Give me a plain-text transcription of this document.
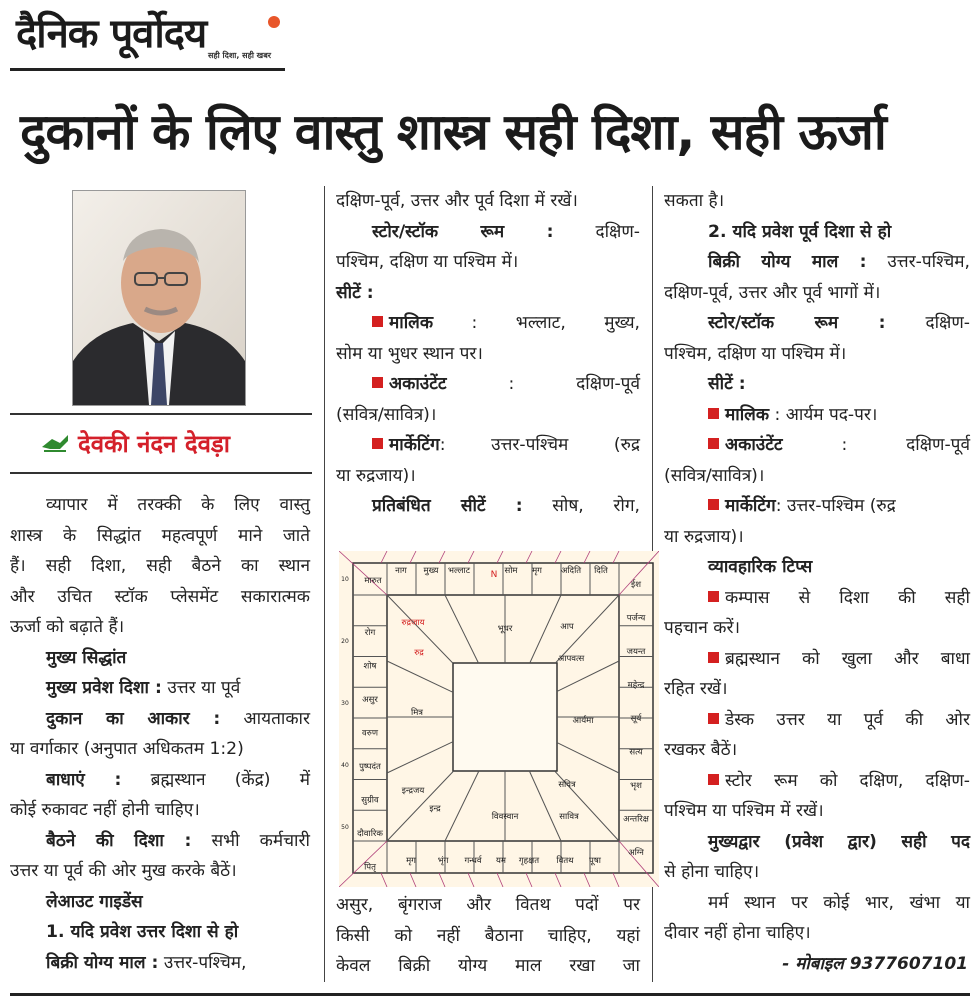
दैनिक पूर्वोदय सही दिशा, सही खबर
दुकानों के लिए वास्तु शास्त्र सही दिशा, सही ऊर्जा
देवकी नंदन देवड़ा

व्यापार में तरक्की के लिए वास्तु

शास्त्र के सिद्धांत महत्वपूर्ण माने जाते

हैं। सही दिशा, सही बैठने का स्थान

और उचित स्टॉक प्लेसमेंट सकारात्मक

ऊर्जा को बढ़ाते हैं।

मुख्य सिद्धांत

मुख्य प्रवेश दिशा : उत्तर या पूर्व

दुकान का आकार : आयताकार

या वर्गाकार (अनुपात अधिकतम 1:2)

बाधाएं : ब्रह्मस्थान (केंद्र) में

कोई रुकावट नहीं होनी चाहिए।

बैठने की दिशा : सभी कर्मचारी

उत्तर या पूर्व की ओर मुख करके बैठें।

लेआउट गाइडेंस

1. यदि प्रवेश उत्तर दिशा से हो

बिक्री योग्य माल : उत्तर-पश्चिम,

दक्षिण-पूर्व, उत्तर और पूर्व दिशा में रखें।

स्टोर/स्टॉक रूम : दक्षिण-

पश्चिम, दक्षिण या पश्चिम में।

सीटें :

मालिक : भल्लाट, मुख्य,

सोम या भुधर स्थान पर।

अकाउंटेंट	: दक्षिण-पूर्व

(सवित्र/सावित्र)।

मार्केटिंग: उत्तर-पश्चिम (रुद्र

या रुद्रजाय)।

प्रतिबंधित सीटें : सोष, रोग,

मारुत
नाग मुख्य भल्लाट	सोम मृग अदिति दिति
N
ईश
पर्जन्य
जयन्त
महेन्द्र
सूर्य
सत्य
भृश
अन्तरिक्ष
अग्नि
रोग
शोष
असुर
वरुण
पुष्पदंत
सुग्रीव
दौवारिक
पितृ
मृग	भृंग गन्धर्व यम गृहक्षत वितथ पूषा
रुद्रजाय
रुद्र
भूधर	आप
आपवत्स
मित्र
आर्यमा
इन्द्रजय
सवित्र
इन्द्र
विवस्वान	सावित्र
10
20
30
40
50

असुर, बृंगराज और वितथ पदों पर

किसी को नहीं बैठाना चाहिए, यहां

केवल बिक्री योग्य माल रखा जा

सकता है।

2. यदि प्रवेश पूर्व दिशा से हो

बिक्री योग्य माल : उत्तर-पश्चिम,

दक्षिण-पूर्व, उत्तर और पूर्व भागों में।

स्टोर/स्टॉक रूम : दक्षिण-

पश्चिम, दक्षिण या पश्चिम में।

सीटें :

मालिक : आर्यम पद-पर।

अकाउंटेंट	: दक्षिण-पूर्व

(सवित्र/सावित्र)।

मार्केटिंग: उत्तर-पश्चिम (रुद्र

या रुद्रजाय)।

व्यावहारिक टिप्स

कम्पास से दिशा की सही

पहचान करें।

ब्रह्मस्थान को खुला और बाधा

रहित रखें।

डेस्क उत्तर या पूर्व की ओर

रखकर बैठें।

स्टोर रूम को दक्षिण, दक्षिण-

पश्चिम या पश्चिम में रखें।

मुख्यद्वार (प्रवेश द्वार) सही पद

से होना चाहिए।

मर्म स्थान पर कोई भार, खंभा या

दीवार नहीं होना चाहिए।

- मोबाइल 9377607101
